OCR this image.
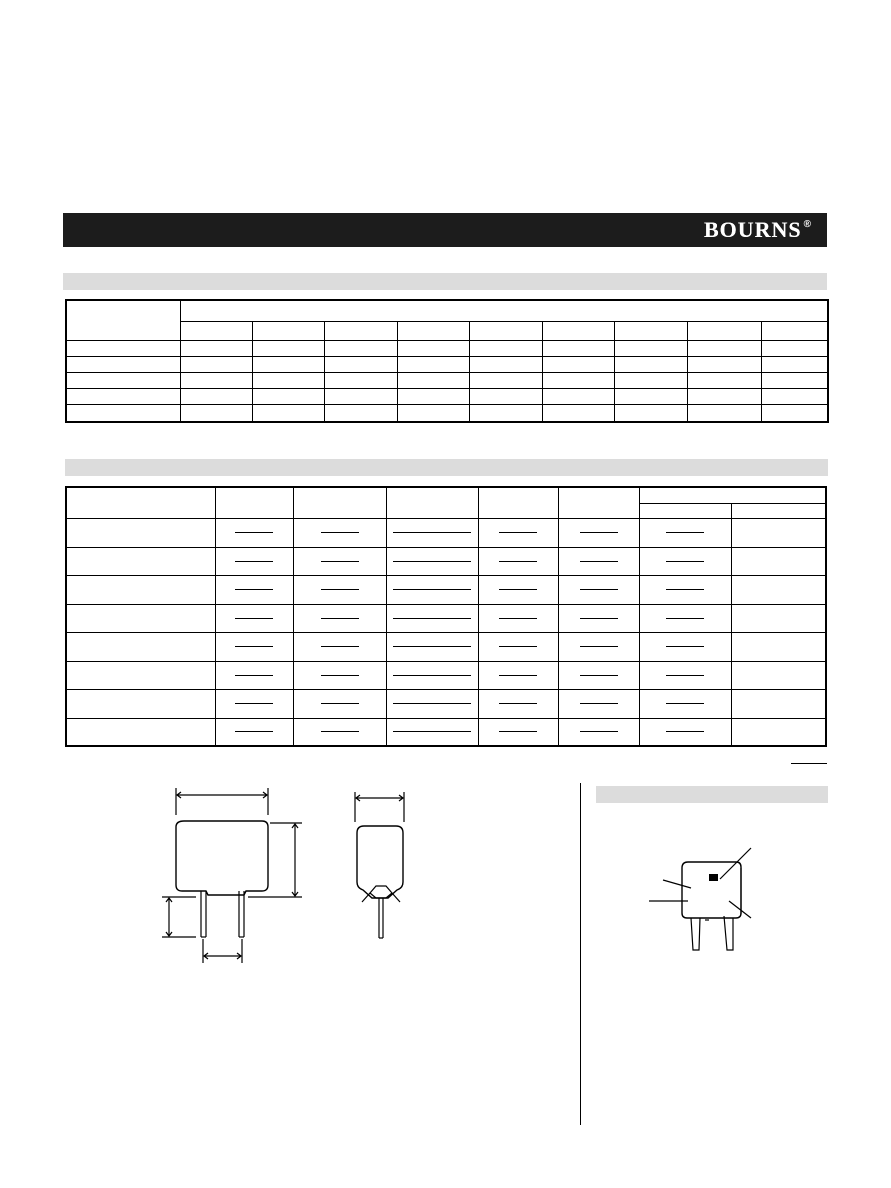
BOURNS ®
